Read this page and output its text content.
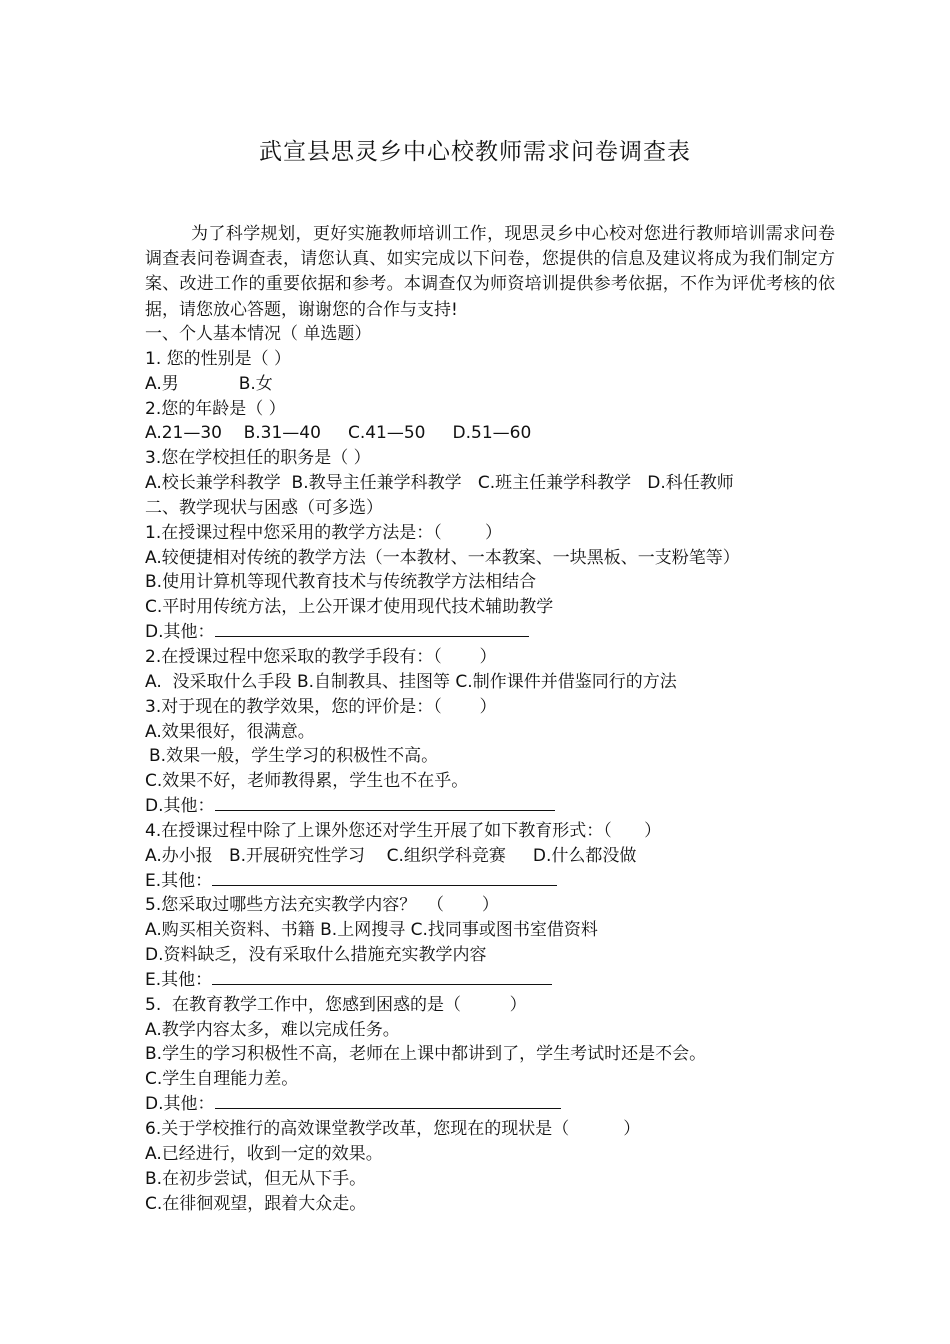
武宣县思灵乡中心校教师需求问卷调查表

为了科学规划，更好实施教师培训工作，现思灵乡中心校对您进行教师培训需求问卷调查表问卷调查表，请您认真、如实完成以下问卷，您提供的信息及建议将成为我们制定方案、改进工作的重要依据和参考。本调查仅为师资培训提供参考依据，不作为评优考核的依据，请您放心答题，谢谢您的合作与支持!

一、个人基本情况（ 单选题）
1. 您的性别是（ ）
A.男	B.女
2.您的年龄是（ ）
A.21—30    B.31—40     C.41—50     D.51—60
3.您在学校担任的职务是（ ）
A.校长兼学科教学  B.教导主任兼学科教学   C.班主任兼学科教学   D.科任教师
二、教学现状与困惑（可多选）
1.在授课过程中您采用的教学方法是：（        ）
A.较便捷相对传统的教学方法（一本教材、一本教案、一块黑板、一支粉笔等）
B.使用计算机等现代教育技术与传统教学方法相结合
C.平时用传统方法，上公开课才使用现代技术辅助教学
D.其他：
2.在授课过程中您采取的教学手段有：（       ）
A.  没采取什么手段 B.自制教具、挂图等 C.制作课件并借鉴同行的方法
3.对于现在的教学效果，您的评价是：（       ）
A.效果很好，很满意。
B.效果一般，学生学习的积极性不高。
C.效果不好，老师教得累，学生也不在乎。
D.其他：
4.在授课过程中除了上课外您还对学生开展了如下教育形式：（      ）
A.办小报   B.开展研究性学习    C.组织学科竞赛     D.什么都没做
E.其他：
5.您采取过哪些方法充实教学内容？  （       ）
A.购买相关资料、书籍 B.上网搜寻 C.找同事或图书室借资料
D.资料缺乏，没有采取什么措施充实教学内容
E.其他：
5.  在教育教学工作中，您感到困惑的是（         ）
A.教学内容太多，难以完成任务。
B.学生的学习积极性不高，老师在上课中都讲到了，学生考试时还是不会。
C.学生自理能力差。
D.其他：
6.关于学校推行的高效课堂教学改革，您现在的现状是（          ）
A.已经进行，收到一定的效果。
B.在初步尝试，但无从下手。
C.在徘徊观望，跟着大众走。
